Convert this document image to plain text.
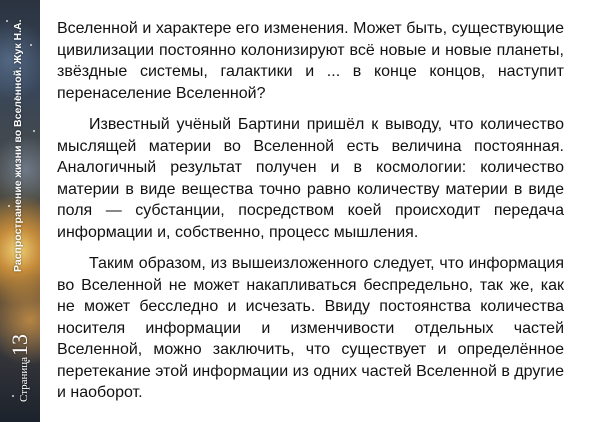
Распространение жизни во Вселенной. Жук Н.А.
Страница13

Вселенной и характере его изменения. Может быть, существующие цивилизации постоянно колонизируют всё новые и новые планеты, звёздные системы, галактики и ... в конце концов, наступит перенаселение Вселенной?

Известный учёный Бартини пришёл к выводу, что количество мыслящей материи во Вселенной есть величина постоянная. Аналогичный результат получен и в космологии: количество материи в виде вещества точно равно количеству материи в виде поля — субстанции, посредством коей происходит передача информации и, собственно, процесс мышления.

Таким образом, из вышеизложенного следует, что информация во Вселенной не может накапливаться беспредельно, так же, как не может бесследно и исчезать. Ввиду постоянства количества носителя информации и изменчивости отдельных частей Вселенной, можно заключить, что существует и определённое перетекание этой информации из одних частей Вселенной в другие и наоборот.
